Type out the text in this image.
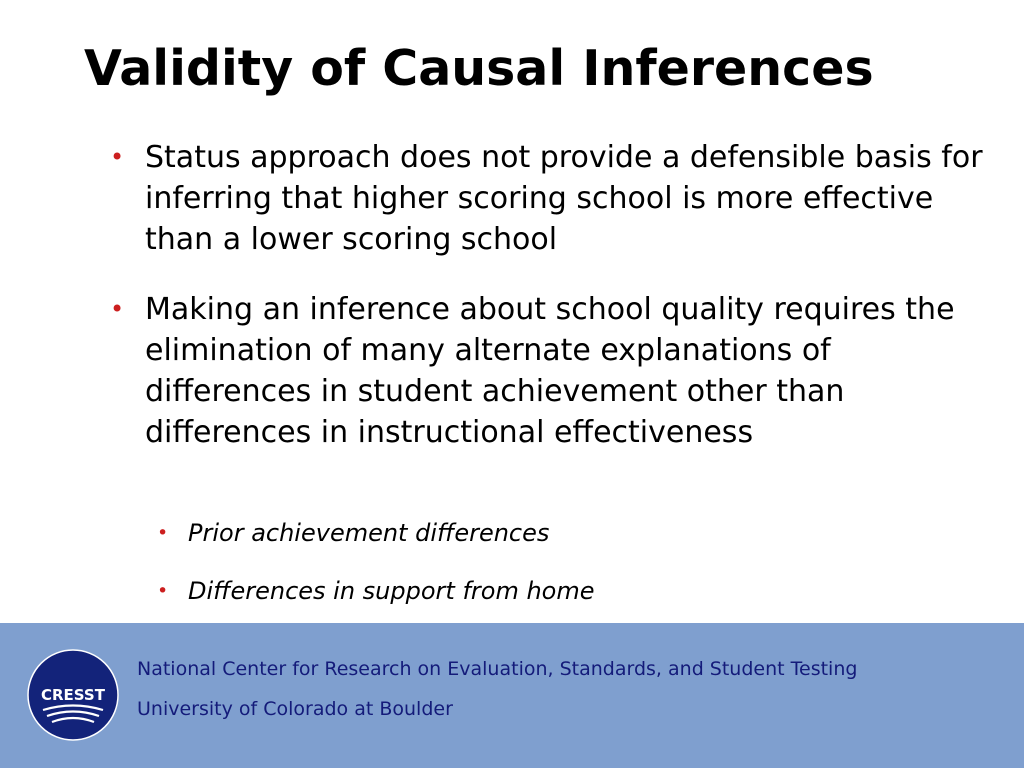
Validity of Causal Inferences
• Status approach does not provide a defensible basis for inferring that higher scoring school is more effective than a lower scoring school
• Making an inference about school quality requires the elimination of many alternate explanations of differences in student achievement other than differences in instructional effectiveness
• Prior achievement differences
• Differences in support from home
CRESST
National Center for Research on Evaluation, Standards, and Student Testing
University of Colorado at Boulder
